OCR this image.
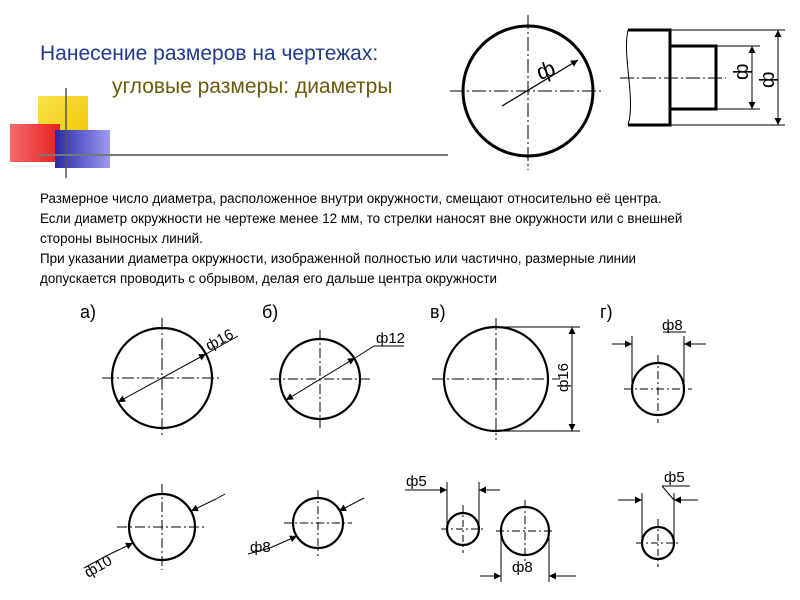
Нанесение размеров на чертежах:
угловые размеры: диаметры
Размерное число диаметра, расположенное внутри окружности, смещают относительно её центра.
Если диаметр окружности не чертеже менее 12 мм, то стрелки наносят вне окружности или с внешней
стороны выносных линий.
При указании диаметра окружности, изображенной полностью или частично, размерные линии
допускается проводить с обрывом, делая его дальше центра окружности
ф	ф ф
а)	б)	в)	г)
ф16
ф10
ф12
ф8
ф16
ф5
ф8
ф8
ф5
